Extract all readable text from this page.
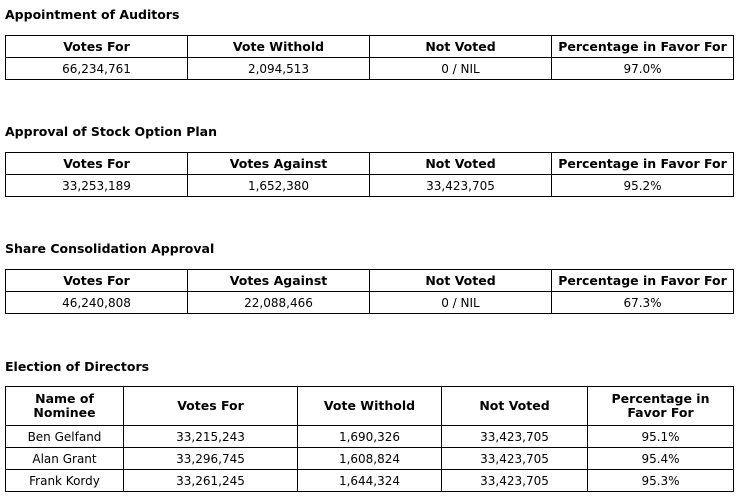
Appointment of Auditors
Votes For	Vote Withold	Not Voted	Percentage in Favor For
66,234,761	2,094,513	0 / NIL	97.0%
Approval of Stock Option Plan
Votes For	Votes Against	Not Voted	Percentage in Favor For
33,253,189	1,652,380	33,423,705	95.2%
Share Consolidation Approval
Votes For	Votes Against	Not Voted	Percentage in Favor For
46,240,808	22,088,466	0 / NIL	67.3%
Election of Directors
Name of Nominee	Votes For	Vote Withold	Not Voted	Percentage in Favor For
Ben Gelfand	33,215,243	1,690,326	33,423,705	95.1%
Alan Grant	33,296,745	1,608,824	33,423,705	95.4%
Frank Kordy	33,261,245	1,644,324	33,423,705	95.3%
